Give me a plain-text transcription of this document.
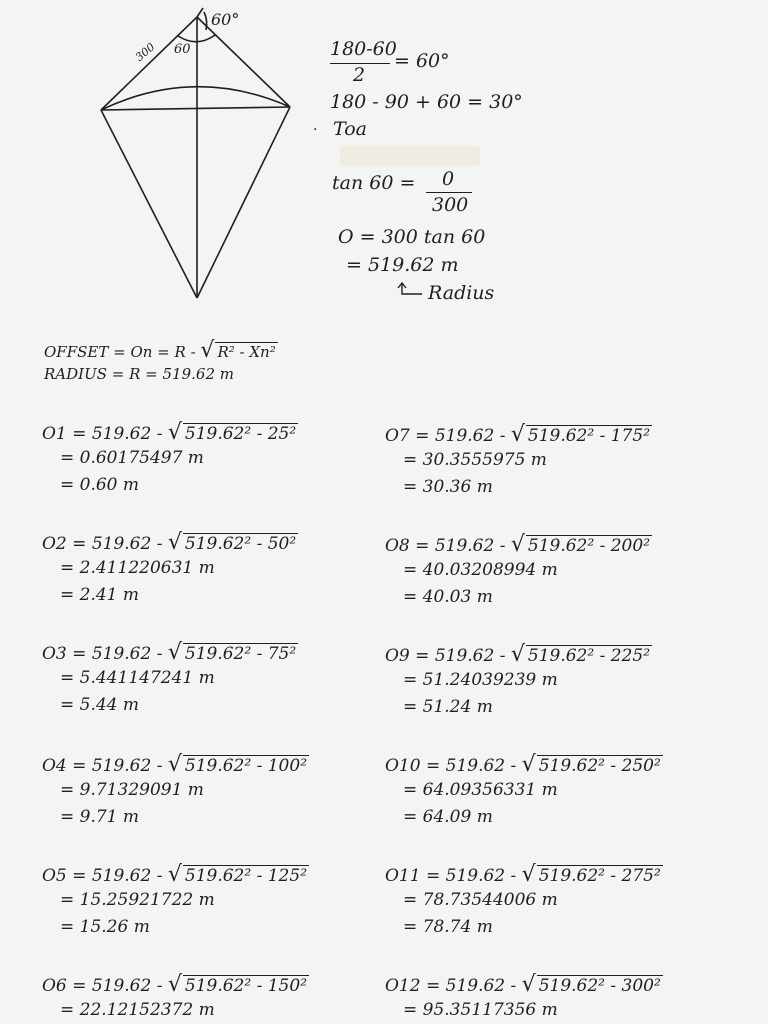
60°
60
300	180-60
2
= 60°
180 - 90 + 60 = 30°
Toa
·
tan 60 = 0
300
O = 300 tan 60
= 519.62 m
Radius
OFFSET = On = R - √ R² - Xn²
RADIUS = R = 519.62 m
O1 = 519.62 - √ 519.62² - 25²
= 0.60175497 m
= 0.60 m
O2 = 519.62 - √ 519.62² - 50²
= 2.411220631 m
= 2.41 m
O3 = 519.62 - √ 519.62² - 75²
= 5.441147241 m
= 5.44 m
O4 = 519.62 - √ 519.62² - 100²
= 9.71329091 m
= 9.71 m
O5 = 519.62 - √ 519.62² - 125²
= 15.25921722 m
= 15.26 m
O6 = 519.62 - √ 519.62² - 150²
= 22.12152372 m
O7 = 519.62 - √ 519.62² - 175²
= 30.3555975 m
= 30.36 m
O8 = 519.62 - √ 519.62² - 200²
= 40.03208994 m
= 40.03 m
O9 = 519.62 - √ 519.62² - 225²
= 51.24039239 m
= 51.24 m
O10 = 519.62 - √ 519.62² - 250²
= 64.09356331 m
= 64.09 m
O11 = 519.62 - √ 519.62² - 275²
= 78.73544006 m
= 78.74 m
O12 = 519.62 - √ 519.62² - 300²
= 95.35117356 m
